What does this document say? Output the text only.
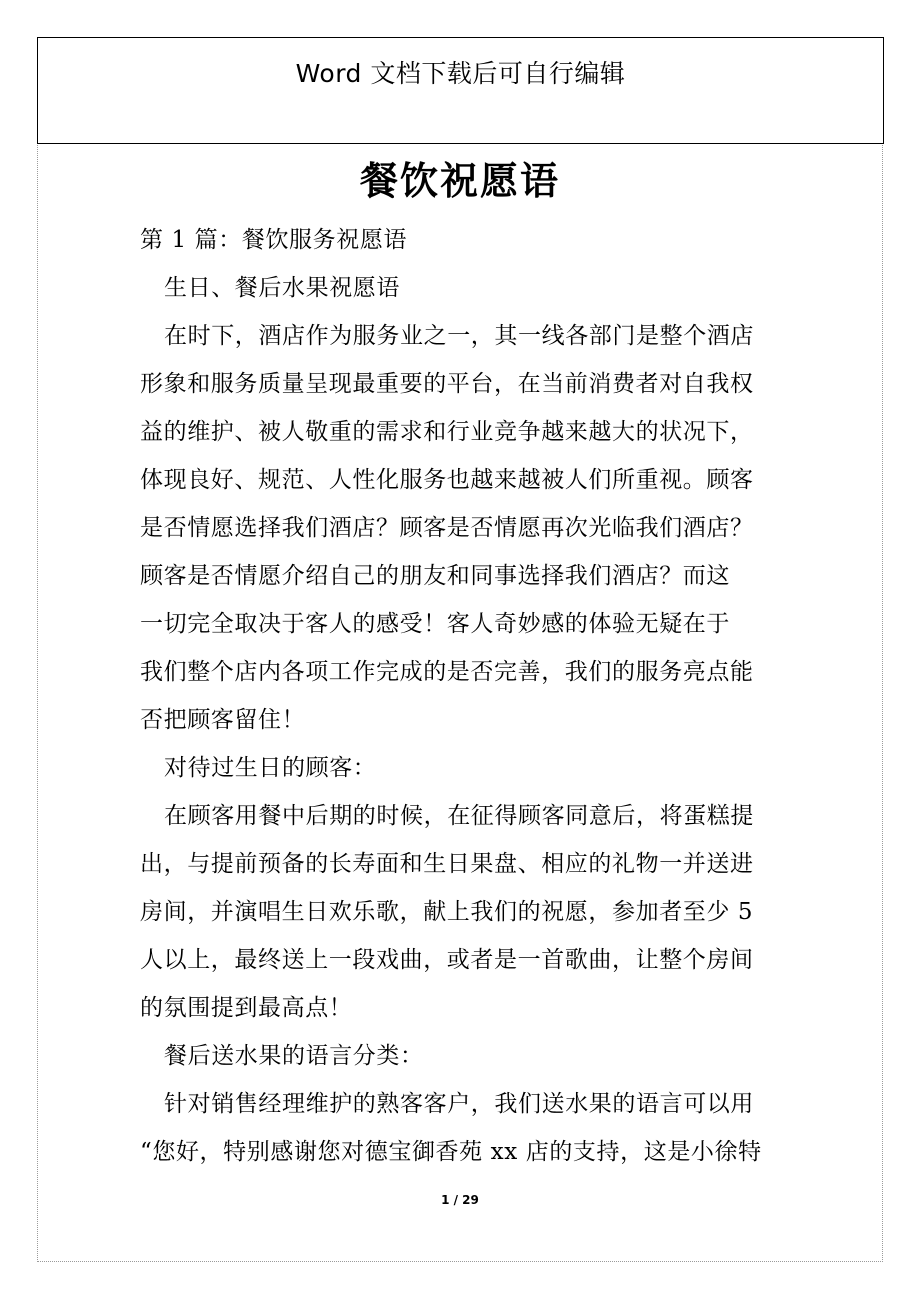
Word 文档下载后可自行编辑
餐饮祝愿语
第 1 篇：餐饮服务祝愿语
生日、餐后水果祝愿语
在时下，酒店作为服务业之一，其一线各部门是整个酒店
形象和服务质量呈现最重要的平台，在当前消费者对自我权
益的维护、被人敬重的需求和行业竞争越来越大的状况下，
体现良好、规范、人性化服务也越来越被人们所重视。顾客
是否情愿选择我们酒店？顾客是否情愿再次光临我们酒店？
顾客是否情愿介绍自己的朋友和同事选择我们酒店？而这
一切完全取决于客人的感受！客人奇妙感的体验无疑在于
我们整个店内各项工作完成的是否完善，我们的服务亮点能
否把顾客留住！
对待过生日的顾客：
在顾客用餐中后期的时候，在征得顾客同意后，将蛋糕提
出，与提前预备的长寿面和生日果盘、相应的礼物一并送进
房间，并演唱生日欢乐歌，献上我们的祝愿，参加者至少 5
人以上，最终送上一段戏曲，或者是一首歌曲，让整个房间
的氛围提到最高点！
餐后送水果的语言分类：
针对销售经理维护的熟客客户，我们送水果的语言可以用
“您好，特别感谢您对德宝御香苑 xx 店的支持，这是小徐特
1 / 29
